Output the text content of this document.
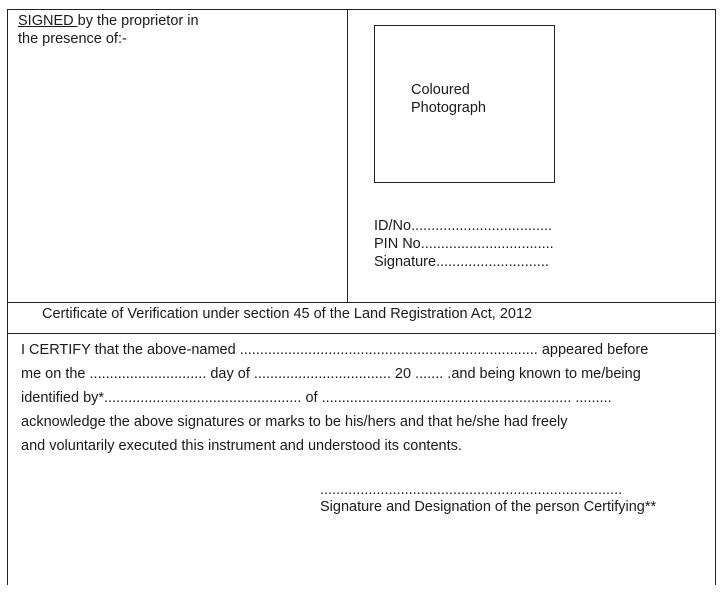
SIGNED by the proprietor in
the presence of:-
Coloured
Photograph
ID/No...................................
PIN No.................................
Signature............................
Certificate of Verification under section 45 of the Land Registration Act, 2012
I CERTIFY that the above-named .......................................................................... appeared before
me on the ............................. day of .................................. 20 ....... .and being known to me/being
identified by*................................................. of .............................................................. .........
acknowledge the above signatures or marks to be his/hers and that he/she had freely
and voluntarily executed this instrument and understood its contents.
...........................................................................
Signature and Designation of the person Certifying**
